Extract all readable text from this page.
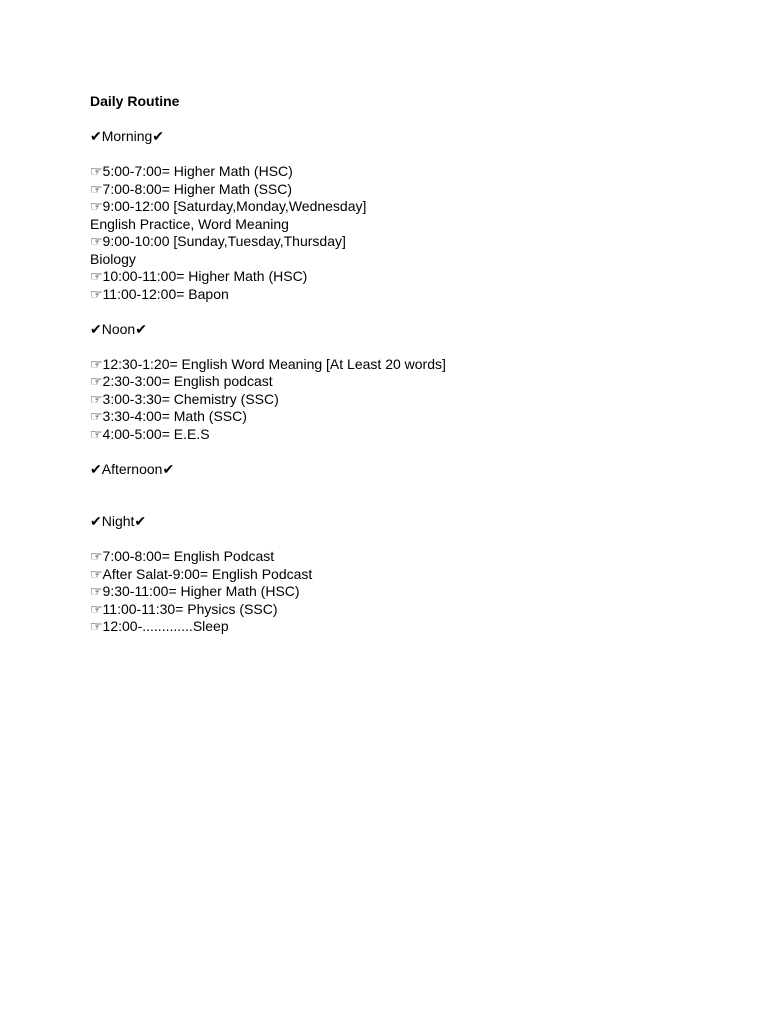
Daily Routine
✔Morning✔
☞5:00-7:00= Higher Math (HSC)
☞7:00-8:00= Higher Math (SSC)
☞9:00-12:00 [Saturday,Monday,Wednesday]
English Practice, Word Meaning
☞9:00-10:00 [Sunday,Tuesday,Thursday]
Biology
☞10:00-11:00= Higher Math (HSC)
☞11:00-12:00= Bapon
✔Noon✔
☞12:30-1:20= English Word Meaning [At Least 20 words]
☞2:30-3:00= English podcast
☞3:00-3:30= Chemistry (SSC)
☞3:30-4:00= Math (SSC)
☞4:00-5:00= E.E.S
✔Afternoon✔
✔Night✔
☞7:00-8:00= English Podcast
☞After Salat-9:00= English Podcast
☞9:30-11:00= Higher Math (HSC)
☞11:00-11:30= Physics (SSC)
☞12:00-.............Sleep
